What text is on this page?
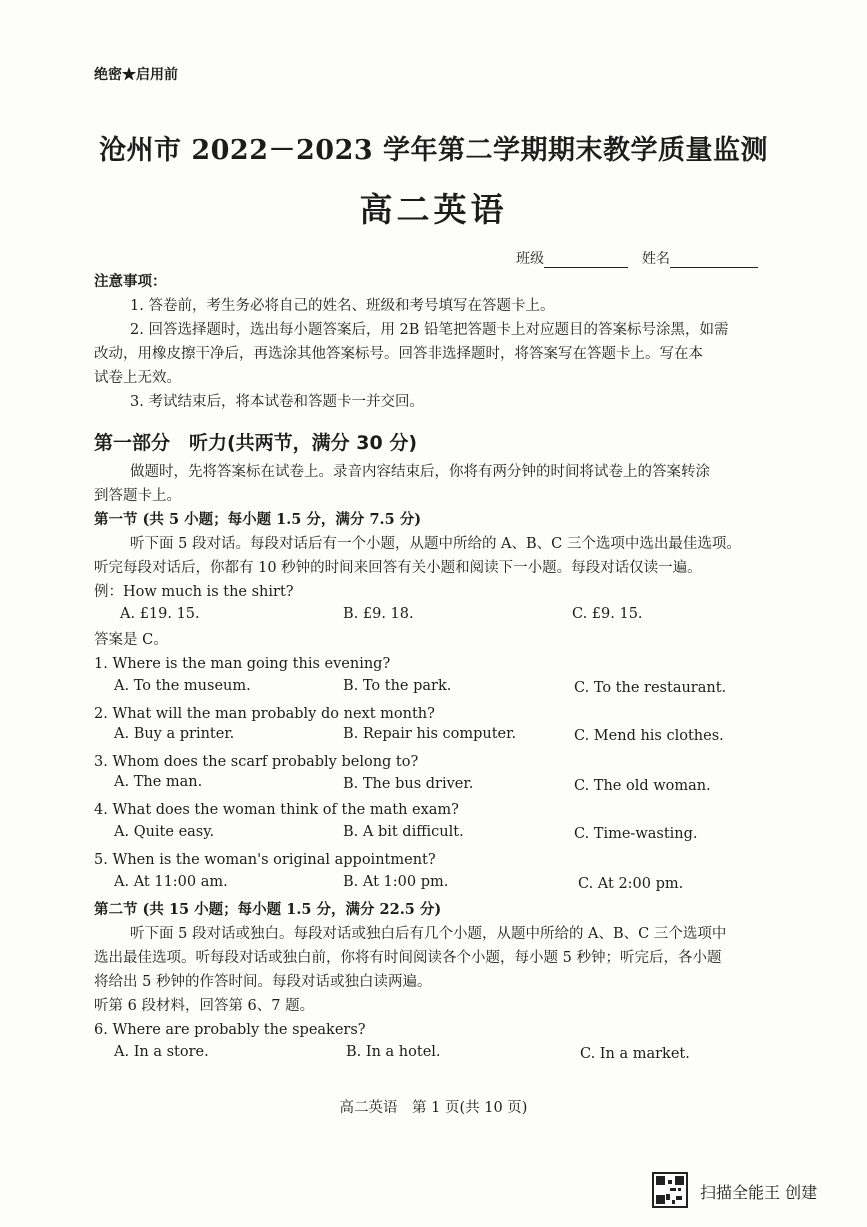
绝密★启用前
沧州市 2022－2023 学年第二学期期末教学质量监测
高二英语
班级	姓名
注意事项：
1. 答卷前，考生务必将自己的姓名、班级和考号填写在答题卡上。
2. 回答选择题时，选出每小题答案后，用 2B 铅笔把答题卡上对应题目的答案标号涂黑，如需
改动，用橡皮擦干净后，再选涂其他答案标号。回答非选择题时，将答案写在答题卡上。写在本
试卷上无效。
3. 考试结束后，将本试卷和答题卡一并交回。
第一部分　听力(共两节，满分 30 分)
做题时，先将答案标在试卷上。录音内容结束后，你将有两分钟的时间将试卷上的答案转涂
到答题卡上。
第一节 (共 5 小题；每小题 1.5 分，满分 7.5 分)
听下面 5 段对话。每段对话后有一个小题，从题中所给的 A、B、C 三个选项中选出最佳选项。
听完每段对话后，你都有 10 秒钟的时间来回答有关小题和阅读下一小题。每段对话仅读一遍。
例：How much is the shirt?
A. £19. 15.	B. £9. 18.	C. £9. 15.
答案是 C。
1. Where is the man going this evening?
A. To the museum.	B. To the park.	C. To the restaurant.
2. What will the man probably do next month?
A. Buy a printer.	B. Repair his computer.	C. Mend his clothes.
3. Whom does the scarf probably belong to?
A. The man.	B. The bus driver.	C. The old woman.
4. What does the woman think of the math exam?
A. Quite easy.	B. A bit difficult.	C. Time-wasting.
5. When is the woman's original appointment?
A. At 11:00 am.	B. At 1:00 pm.	C. At 2:00 pm.
第二节 (共 15 小题；每小题 1.5 分，满分 22.5 分)
听下面 5 段对话或独白。每段对话或独白后有几个小题，从题中所给的 A、B、C 三个选项中
选出最佳选项。听每段对话或独白前，你将有时间阅读各个小题，每小题 5 秒钟；听完后，各小题
将给出 5 秒钟的作答时间。每段对话或独白读两遍。
听第 6 段材料，回答第 6、7 题。
6. Where are probably the speakers?
A. In a store.	B. In a hotel.	C. In a market.
高二英语　第 1 页(共 10 页)
扫描全能王 创建
